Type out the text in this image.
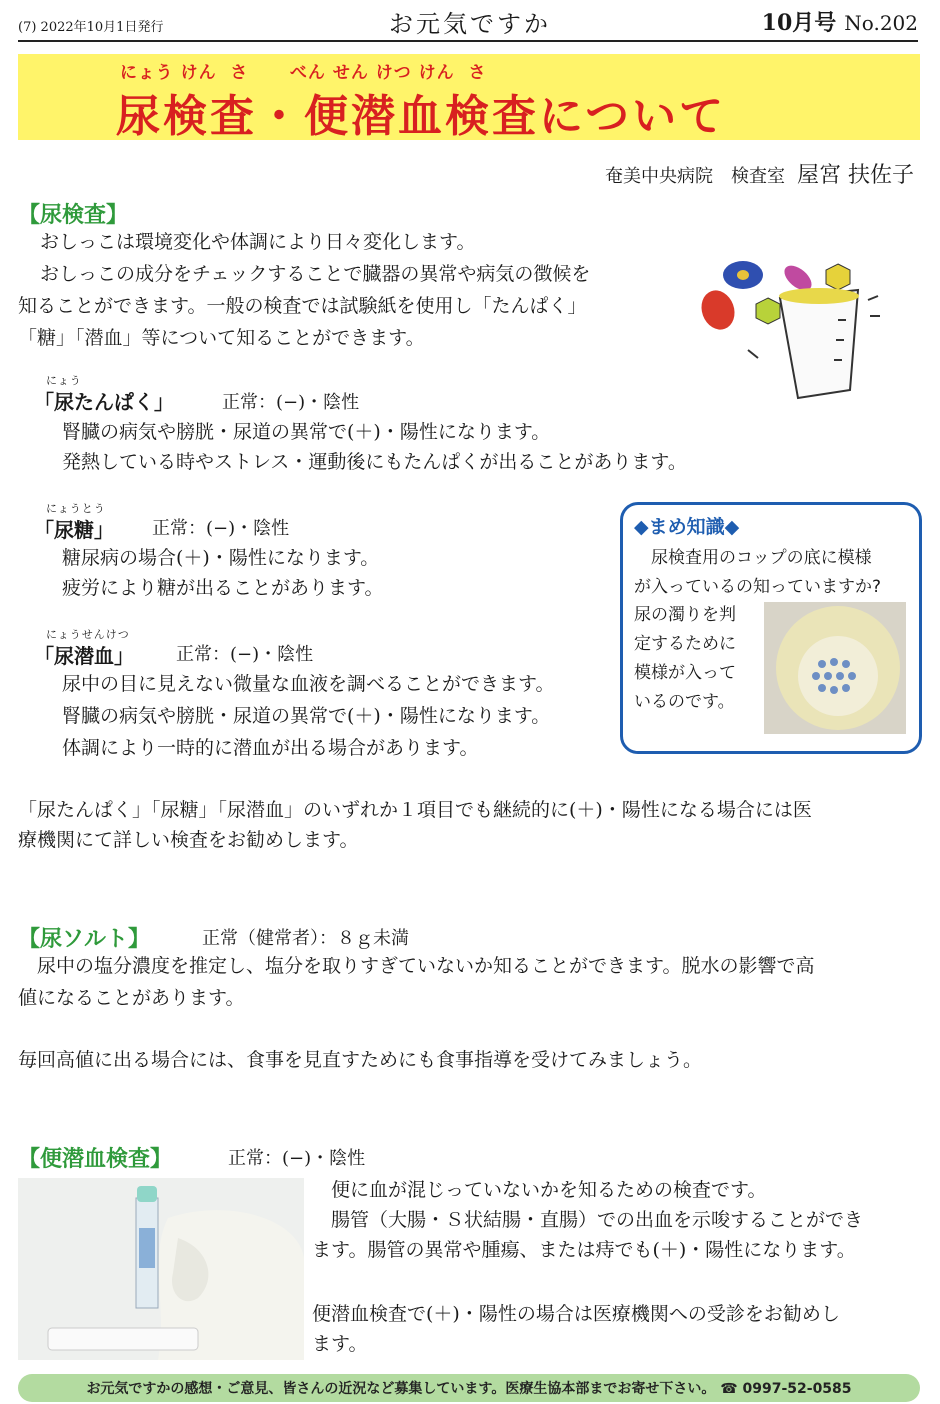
(7) 2022年10月1日発行	お元気ですか	10月号 No.202
にょう けん  さ      べん せん けつ けん  さ
尿検査・便潜血検査について
奄美中央病院　検査室 屋宮 扶佐子
【尿検査】
おしっこは環境変化や体調により日々変化します。
おしっこの成分をチェックすることで臓器の異常や病気の徴候を
知ることができます。一般の検査では試験紙を使用し「たんぱく」
「糖」「潜血」等について知ることができます。
にょう
「尿たんぱく」	正常：(−)・陰性
腎臓の病気や膀胱・尿道の異常で(＋)・陽性になります。
発熱している時やストレス・運動後にもたんぱくが出ることがあります。
にょうとう
「尿糖」 正常：(−)・陰性
糖尿病の場合(＋)・陽性になります。
疲労により糖が出ることがあります。
にょうせんけつ
「尿潜血」 正常：(−)・陰性
尿中の目に見えない微量な血液を調べることができます。
腎臓の病気や膀胱・尿道の異常で(＋)・陽性になります。
体調により一時的に潜血が出る場合があります。
◆まめ知識◆
　尿検査用のコップの底に模様
が入っているの知っていますか?
尿の濁りを判
定するために
模様が入って
いるのです。
「尿たんぱく」「尿糖」「尿潜血」のいずれか１項目でも継続的に(＋)・陽性になる場合には医
療機関にて詳しい検査をお勧めします。
【尿ソルト】	正常（健常者）：８ｇ未満
　尿中の塩分濃度を推定し、塩分を取りすぎていないか知ることができます。脱水の影響で高
値になることがあります。
毎回高値に出る場合には、食事を見直すためにも食事指導を受けてみましょう。
【便潜血検査】	正常：(−)・陰性
　便に血が混じっていないかを知るための検査です。
　腸管（大腸・Ｓ状結腸・直腸）での出血を示唆することができ
ます。腸管の異常や腫瘍、または痔でも(＋)・陽性になります。
便潜血検査で(＋)・陽性の場合は医療機関への受診をお勧めし
ます。
お元気ですかの感想・ご意見、皆さんの近況など募集しています。医療生協本部までお寄せ下さい。 ☎ 0997-52-0585
